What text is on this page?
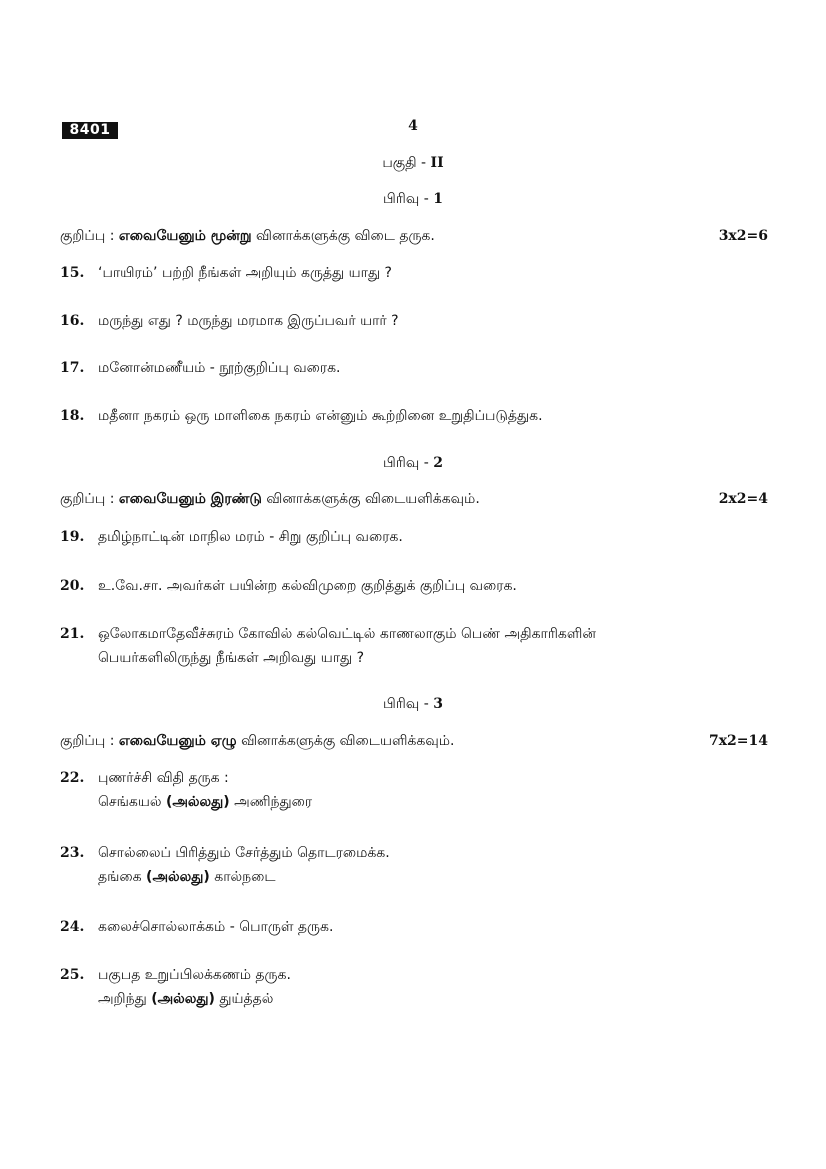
8401	4
பகுதி - II
பிரிவு - 1
குறிப்பு : எவையேனும் மூன்று வினாக்களுக்கு விடை தருக.	3x2=6
15. ‘பாயிரம்’ பற்றி நீங்கள் அறியும் கருத்து யாது ?
16. மருந்து எது ? மருந்து மரமாக இருப்பவர் யார் ?
17. மனோன்மணீயம் - நூற்குறிப்பு வரைக.
18. மதீனா நகரம் ஒரு மாளிகை நகரம் என்னும் கூற்றினை உறுதிப்படுத்துக.
பிரிவு - 2
குறிப்பு : எவையேனும் இரண்டு வினாக்களுக்கு விடையளிக்கவும்.	2x2=4
19. தமிழ்நாட்டின் மாநில மரம் - சிறு குறிப்பு வரைக.
20. உ.வே.சா. அவர்கள் பயின்ற கல்விமுறை குறித்துக் குறிப்பு வரைக.
21. ஒலோகமாதேவீச்சுரம் கோவில் கல்வெட்டில் காணலாகும் பெண் அதிகாரிகளின்
பெயர்களிலிருந்து நீங்கள் அறிவது யாது ?
பிரிவு - 3
குறிப்பு : எவையேனும் ஏழு வினாக்களுக்கு விடையளிக்கவும்.	7x2=14
22. புணர்ச்சி விதி தருக :
செங்கயல் (அல்லது) அணிந்துரை
23. சொல்லைப் பிரித்தும் சேர்த்தும் தொடரமைக்க.
தங்கை (அல்லது) கால்நடை
24. கலைச்சொல்லாக்கம் - பொருள் தருக.
25. பகுபத உறுப்பிலக்கணம் தருக.
அறிந்து (அல்லது) துய்த்தல்
